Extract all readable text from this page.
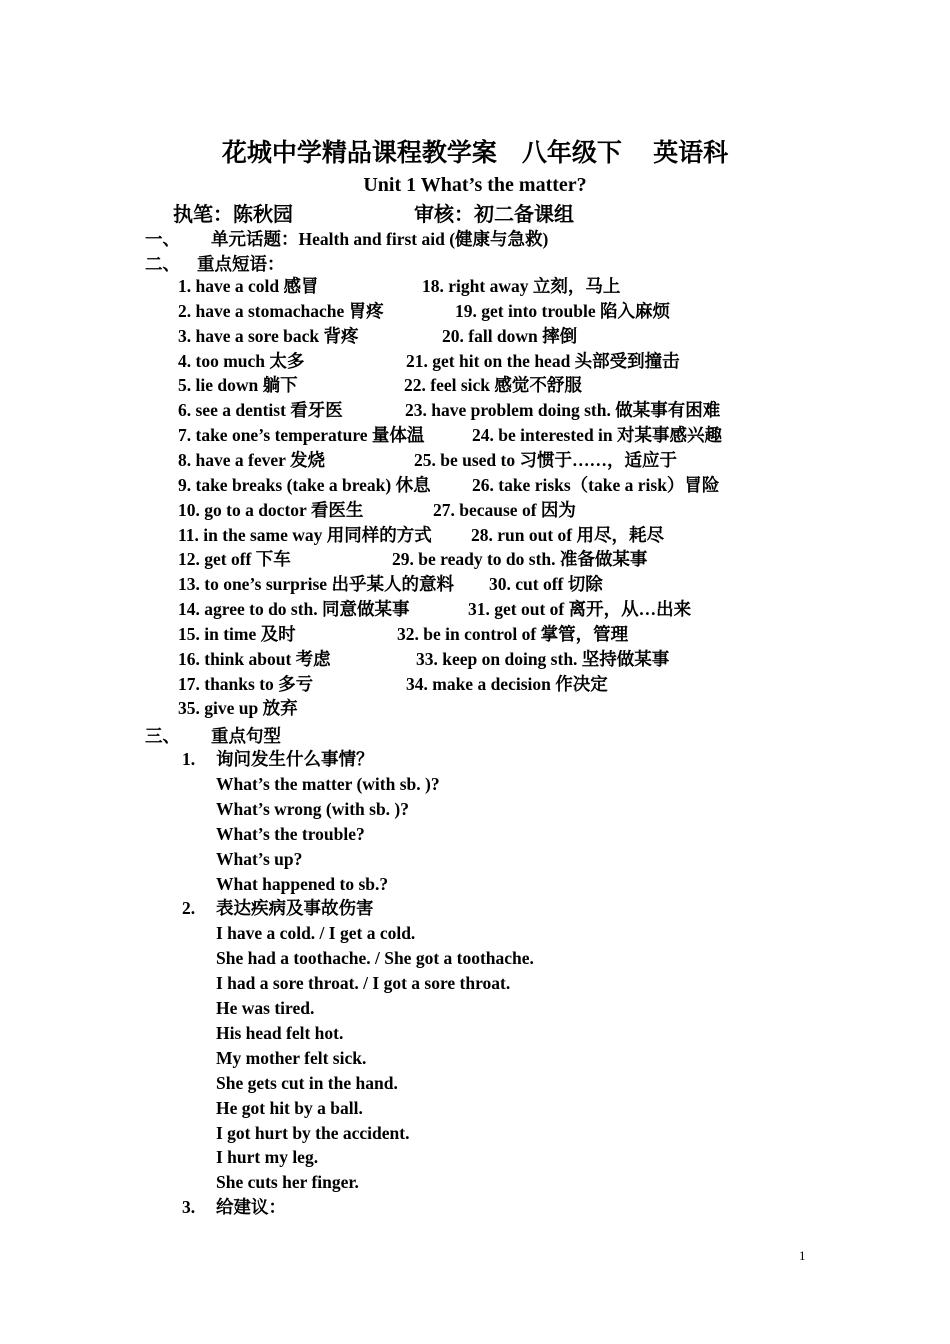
花城中学精品课程教学案　八年级下　 英语科
Unit 1 What’s the matter?
执笔：陈秋园	审核：初二备课组
一、 单元话题：Health and first aid (健康与急救)
二、 重点短语：
1. have a cold 感冒	18. right away 立刻，马上
2. have a stomachache 胃疼	19. get into trouble 陷入麻烦
3. have a sore back 背疼	20. fall down 摔倒
4. too much 太多	21. get hit on the head 头部受到撞击
5. lie down 躺下	22. feel sick 感觉不舒服
6. see a dentist 看牙医	23. have problem doing sth. 做某事有困难
7. take one’s temperature 量体温	24. be interested in 对某事感兴趣
8. have a fever 发烧	25. be used to 习惯于……，适应于
9. take breaks (take a break) 休息 26. take risks（take a risk）冒险
10. go to a doctor 看医生	27. because of 因为
11. in the same way 用同样的方式 28. run out of 用尽，耗尽
12. get off 下车	29. be ready to do sth. 准备做某事
13. to one’s surprise 出乎某人的意料 30. cut off 切除
14. agree to do sth. 同意做某事	31. get out of 离开，从…出来
15. in time 及时	32. be in control of 掌管，管理
16. think about 考虑	33. keep on doing sth. 坚持做某事
17. thanks to 多亏	34. make a decision 作决定
35. give up 放弃
三、 重点句型
1. 询问发生什么事情？
What’s the matter (with sb. )?
What’s wrong (with sb. )?
What’s the trouble?
What’s up?
What happened to sb.?
2. 表达疾病及事故伤害
I have a cold. / I get a cold.
She had a toothache. / She got a toothache.
I had a sore throat. / I got a sore throat.
He was tired.
His head felt hot.
My mother felt sick.
She gets cut in the hand.
He got hit by a ball.
I got hurt by the accident.
I hurt my leg.
She cuts her finger.
3. 给建议：
1
